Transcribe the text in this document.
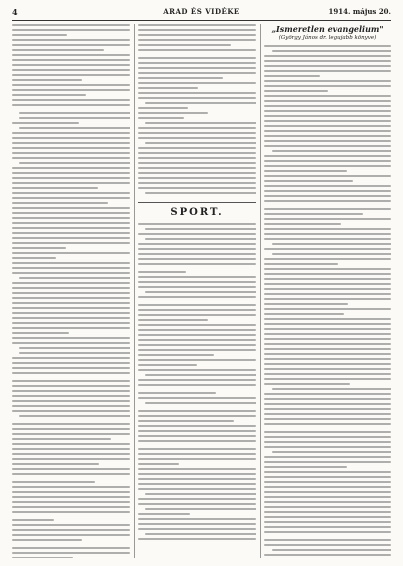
4	ARAD ÉS VIDÉKE	1914. május 20.
SPORT.
„Ismeretlen evangelium"
(György János dr. legujabb könyve)
